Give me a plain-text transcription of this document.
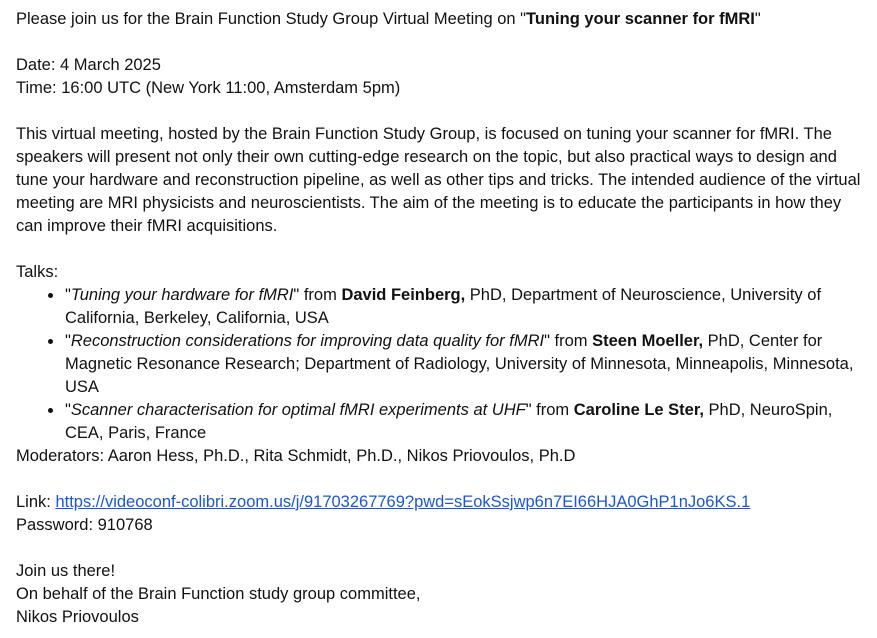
Please join us for the Brain Function Study Group Virtual Meeting on "Tuning your scanner for fMRI"

Date: 4 March 2025

Time: 16:00 UTC (New York 11:00, Amsterdam 5pm)

This virtual meeting, hosted by the Brain Function Study Group, is focused on tuning your scanner for fMRI. The speakers will present not only their own cutting-edge research on the topic, but also practical ways to design and tune your hardware and reconstruction pipeline, as well as other tips and tricks. The intended audience of the virtual meeting are MRI physicists and neuroscientists. The aim of the meeting is to educate the participants in how they can improve their fMRI acquisitions.

Talks:

• "Tuning your hardware for fMRI" from David Feinberg, PhD, Department of Neuroscience, University of California, Berkeley, California, USA
• "Reconstruction considerations for improving data quality for fMRI" from Steen Moeller, PhD, Center for Magnetic Resonance Research; Department of Radiology, University of Minnesota, Minneapolis, Minnesota, USA
• "Scanner characterisation for optimal fMRI experiments at UHF" from Caroline Le Ster, PhD, NeuroSpin, CEA, Paris, France

Moderators: Aaron Hess, Ph.D., Rita Schmidt, Ph.D., Nikos Priovoulos, Ph.D

Link: https://videoconf-colibri.zoom.us/j/91703267769?pwd=sEokSsjwp6n7EI66HJA0GhP1nJo6KS.1

Password: 910768

Join us there!

On behalf of the Brain Function study group committee,

Nikos Priovoulos
